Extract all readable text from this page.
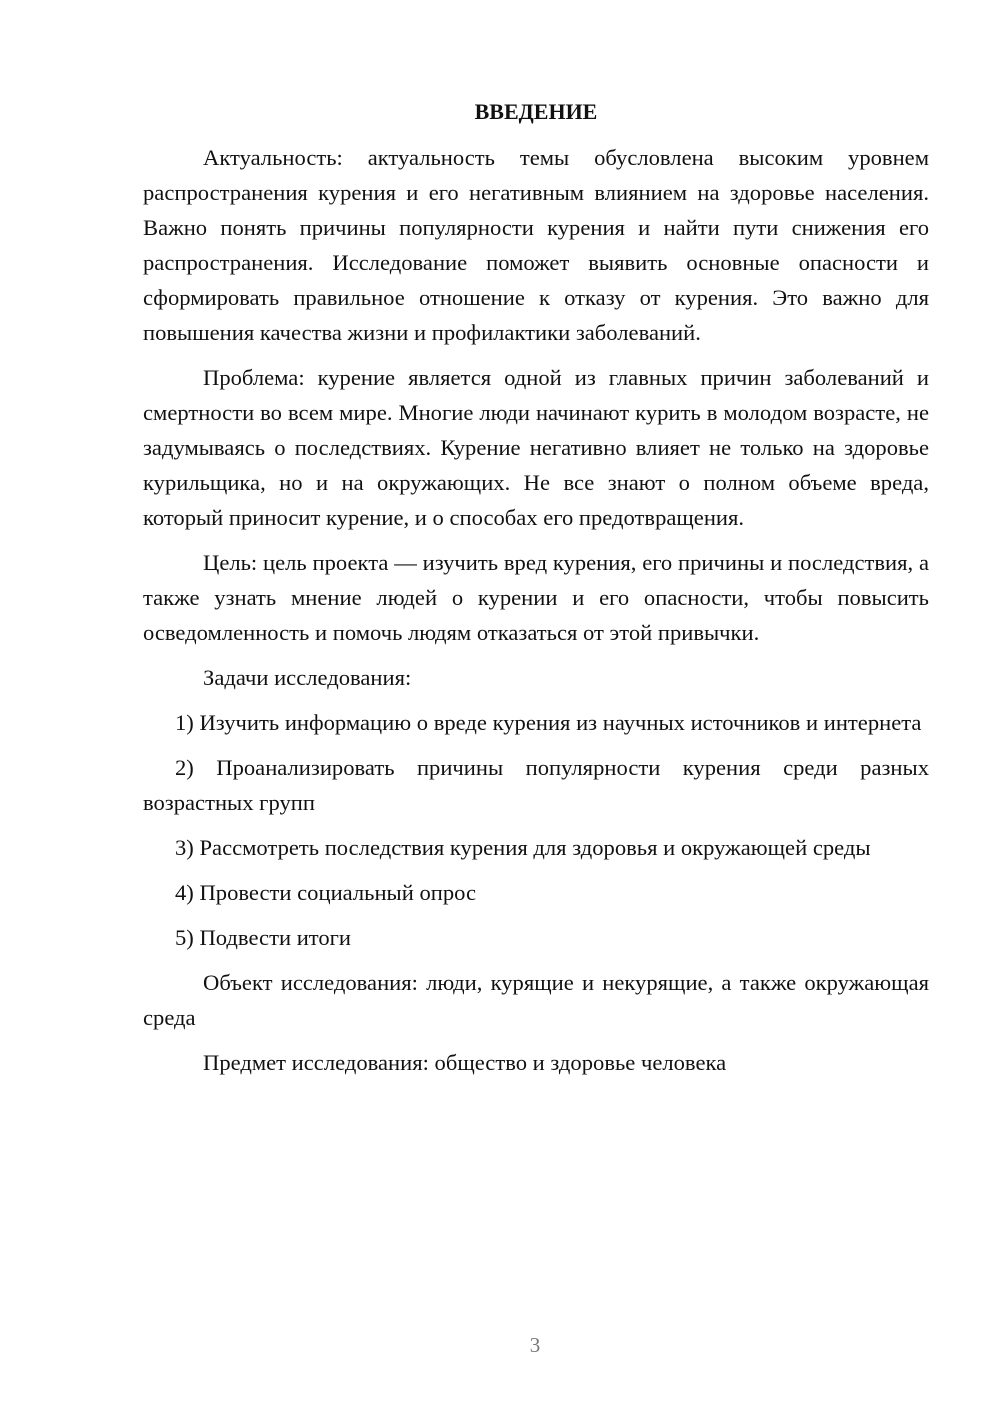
ВВЕДЕНИЕ

Актуальность: актуальность темы обусловлена высоким уровнем распространения курения и его негативным влиянием на здоровье населения. Важно понять причины популярности курения и найти пути снижения его распространения. Исследование поможет выявить основные опасности и сформировать правильное отношение к отказу от курения. Это важно для повышения качества жизни и профилактики заболеваний.

Проблема: курение является одной из главных причин заболеваний и смертности во всем мире. Многие люди начинают курить в молодом возрасте, не задумываясь о последствиях. Курение негативно влияет не только на здоровье курильщика, но и на окружающих. Не все знают о полном объеме вреда, который приносит курение, и о способах его предотвращения.

Цель: цель проекта — изучить вред курения, его причины и последствия, а также узнать мнение людей о курении и его опасности, чтобы повысить осведомленность и помочь людям отказаться от этой привычки.

Задачи исследования:

1) Изучить информацию о вреде курения из научных источников и интернета

2) Проанализировать причины популярности курения среди разных возрастных групп

3) Рассмотреть последствия курения для здоровья и окружающей среды

4) Провести социальный опрос

5) Подвести итоги

Объект исследования: люди, курящие и некурящие, а также окружающая среда

Предмет исследования: общество и здоровье человека

3
